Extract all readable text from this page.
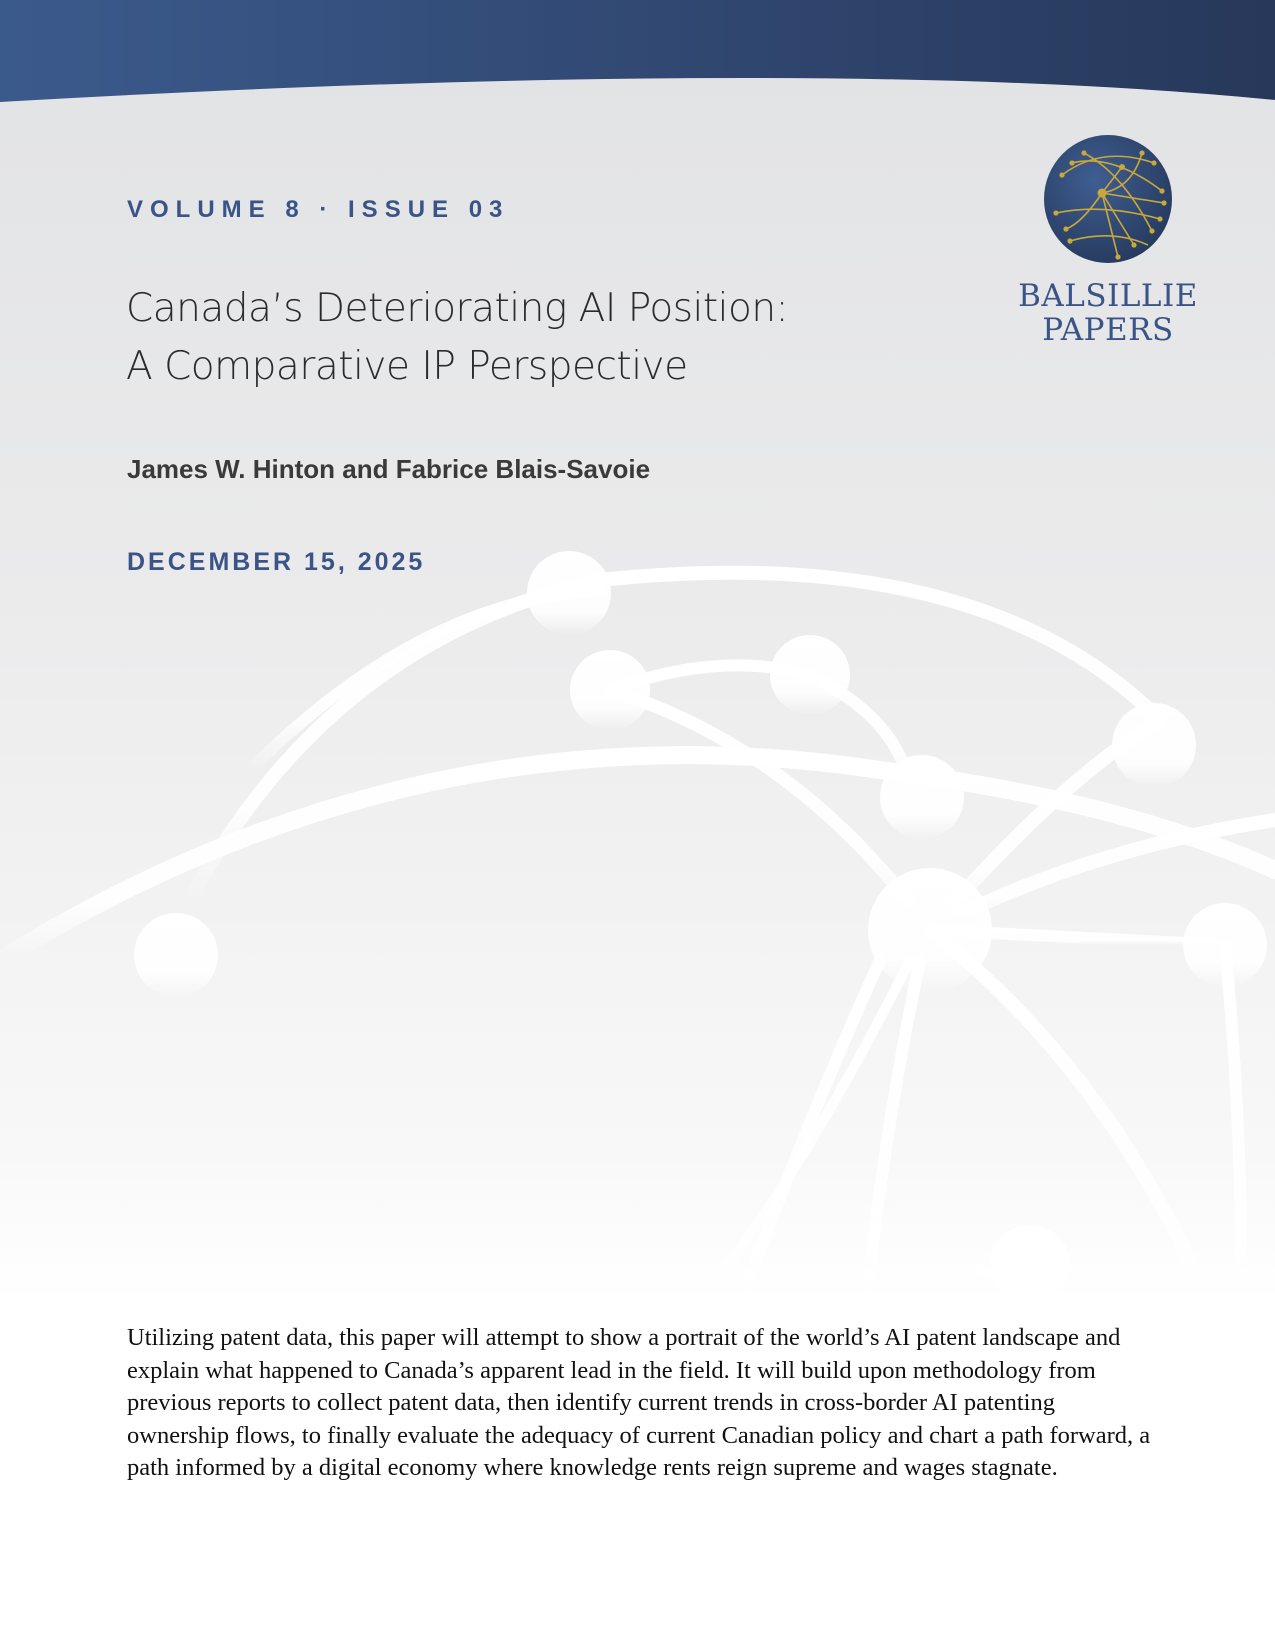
VOLUME 8 · ISSUE 03
Canada’s Deteriorating AI Position:
A Comparative IP Perspective
James W. Hinton and Fabrice Blais-Savoie
DECEMBER 15, 2025
BALSILLIE
PAPERS

Utilizing patent data, this paper will attempt to show a portrait of the world’s AI patent landscape and explain what happened to Canada’s apparent lead in the field. It will build upon methodology from previous reports to collect patent data, then identify current trends in cross-border AI patenting ownership flows, to finally evaluate the adequacy of current Canadian policy and chart a path forward, a path informed by a digital economy where knowledge rents reign supreme and wages stagnate.
